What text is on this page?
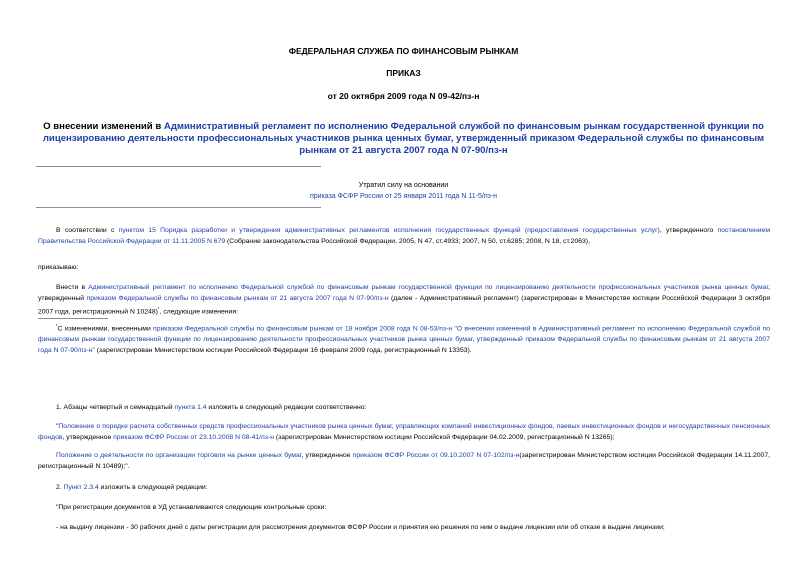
ФЕДЕРАЛЬНАЯ СЛУЖБА ПО ФИНАНСОВЫМ РЫНКАМ
ПРИКАЗ
от 20 октября 2009 года N 09-42/пз-н
О внесении изменений в Административный регламент по исполнению Федеральной службой по финансовым рынкам государственной функции по лицензированию деятельности профессиональных участников рынка ценных бумаг, утвержденный приказом Федеральной службы по финансовым рынкам от 21 августа 2007 года N 07-90/пз-н
Утратил силу на основании
приказа ФСФР России от 25 января 2011 года N 11-5/пз-н
В соответствии с пунктом 15 Порядка разработки и утверждения административных регламентов исполнения государственных функций (предоставления государственных услуг), утвержденного постановлением Правительства Российской Федерации от 11.11.2005 N 679 (Собрание законодательства Российской Федерации, 2005, N 47, ст.4933; 2007, N 50, ст.6285; 2008, N 18, ст.2063),
приказываю:
Внести в Административный регламент по исполнению Федеральной службой по финансовым рынкам государственной функции по лицензированию деятельности профессиональных участников рынка ценных бумаг, утвержденный приказом Федеральной службы по финансовым рынкам от 21 августа 2007 года N 07-90/пз-н (далее - Административный регламент) (зарегистрирован в Министерстве юстиции Российской Федерации 3 октября 2007 года, регистрационный N 10248)$^{^1}$, следующие изменения:
$^{^1}$С изменениями, внесенными приказом Федеральной службы по финансовым рынкам от 18 ноября 2008 года N 08-53/пз-н "О внесении изменений в Административный регламент по исполнению Федеральной службой по финансовым рынкам государственной функции по лицензированию деятельности профессиональных участников рынка ценных бумаг, утвержденный приказом Федеральной службы по финансовым рынкам от 21 августа 2007 года N 07-90/пз-н" (зарегистрирован Министерством юстиции Российской Федерации 16 февраля 2009 года, регистрационный N 13353).
1. Абзацы четвертый и семнадцатый пункта 1.4 изложить в следующей редакции соответственно:
"Положение о порядке расчета собственных средств профессиональных участников рынка ценных бумаг, управляющих компаний инвестиционных фондов, паевых инвестиционных фондов и негосударственных пенсионных фондов, утвержденное приказом ФСФР России от 23.10.2008 N 08-41/пз-н (зарегистрирован Министерством юстиции Российской Федерации 04.02.2009, регистрационный N 13265);
Положение о деятельности по организации торговли на рынке ценных бумаг, утвержденное приказом ФСФР России от 09.10.2007 N 07-102/пз-н(зарегистрирован Министерством юстиции Российской Федерации 14.11.2007, регистрационный N 10489);".
2. Пункт 2.3.4 изложить в следующей редакции:
"При регистрации документов в УД устанавливаются следующие контрольные сроки:
- на выдачу лицензии - 30 рабочих дней с даты регистрации для рассмотрения документов ФСФР России и принятия ею решения по ним о выдаче лицензии или об отказе в выдаче лицензии;
